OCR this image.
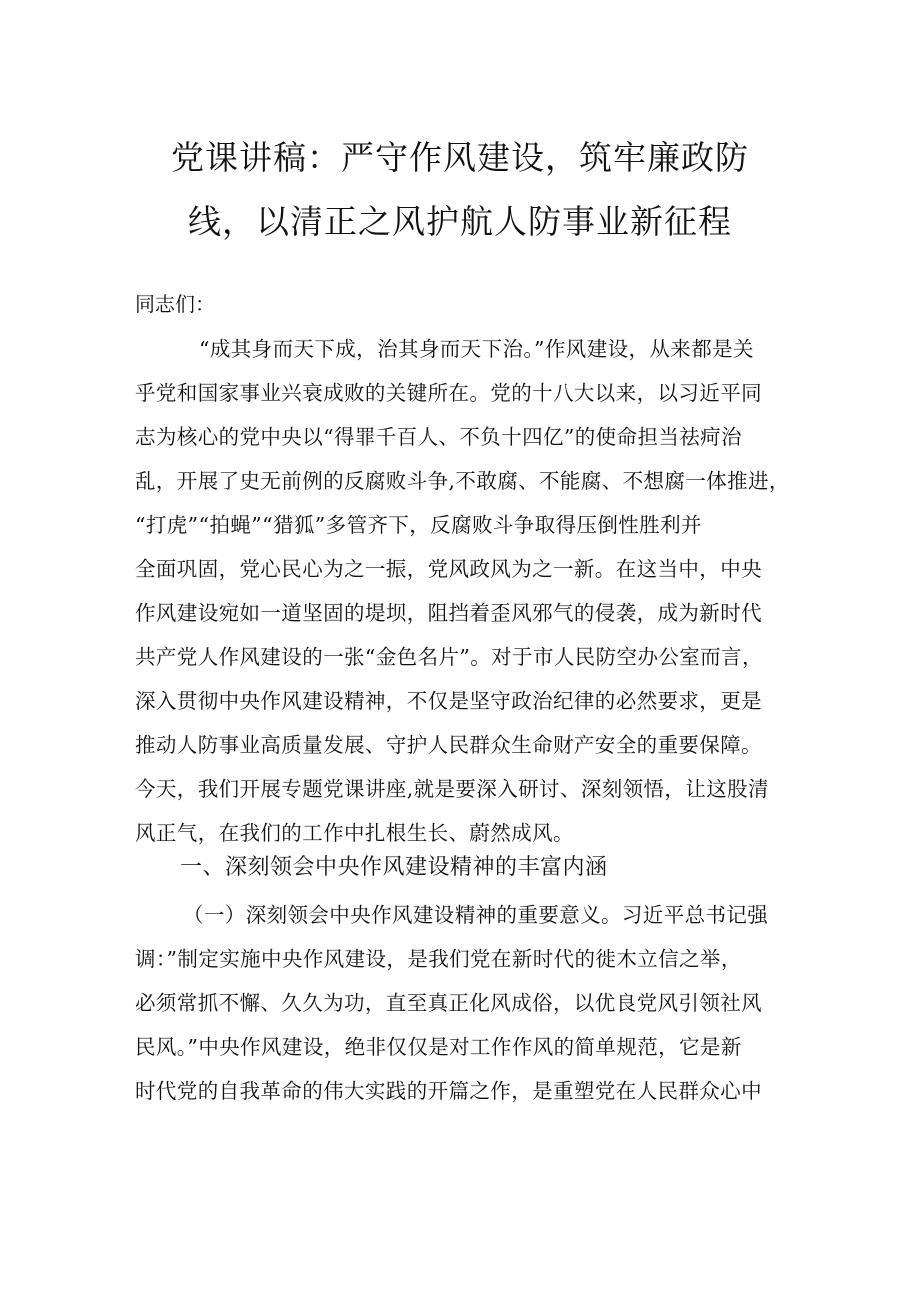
党课讲稿：严守作风建设，筑牢廉政防
线，以清正之风护航人防事业新征程
同志们：
“成其身而天下成，治其身而天下治。”作风建设，从来都是关
乎党和国家事业兴衰成败的关键所在。党的十八大以来，以习近平同
志为核心的党中央以“得罪千百人、不负十四亿”的使命担当祛疴治
乱，开展了史无前例的反腐败斗争,不敢腐、不能腐、不想腐一体推进，
“打虎”“拍蝇”“猎狐”多管齐下，反腐败斗争取得压倒性胜利并
全面巩固，党心民心为之一振，党风政风为之一新。在这当中，中央
作风建设宛如一道坚固的堤坝，阻挡着歪风邪气的侵袭，成为新时代
共产党人作风建设的一张“金色名片”。对于市人民防空办公室而言，
深入贯彻中央作风建设精神，不仅是坚守政治纪律的必然要求，更是
推动人防事业高质量发展、守护人民群众生命财产安全的重要保障。
今天，我们开展专题党课讲座,就是要深入研讨、深刻领悟，让这股清
风正气，在我们的工作中扎根生长、蔚然成风。
一、深刻领会中央作风建设精神的丰富内涵
（一）深刻领会中央作风建设精神的重要意义。习近平总书记强
调：”制定实施中央作风建设，是我们党在新时代的徙木立信之举，
必须常抓不懈、久久为功，直至真正化风成俗，以优良党风引领社风
民风。”中央作风建设，绝非仅仅是对工作作风的简单规范，它是新
时代党的自我革命的伟大实践的开篇之作，是重塑党在人民群众心中
